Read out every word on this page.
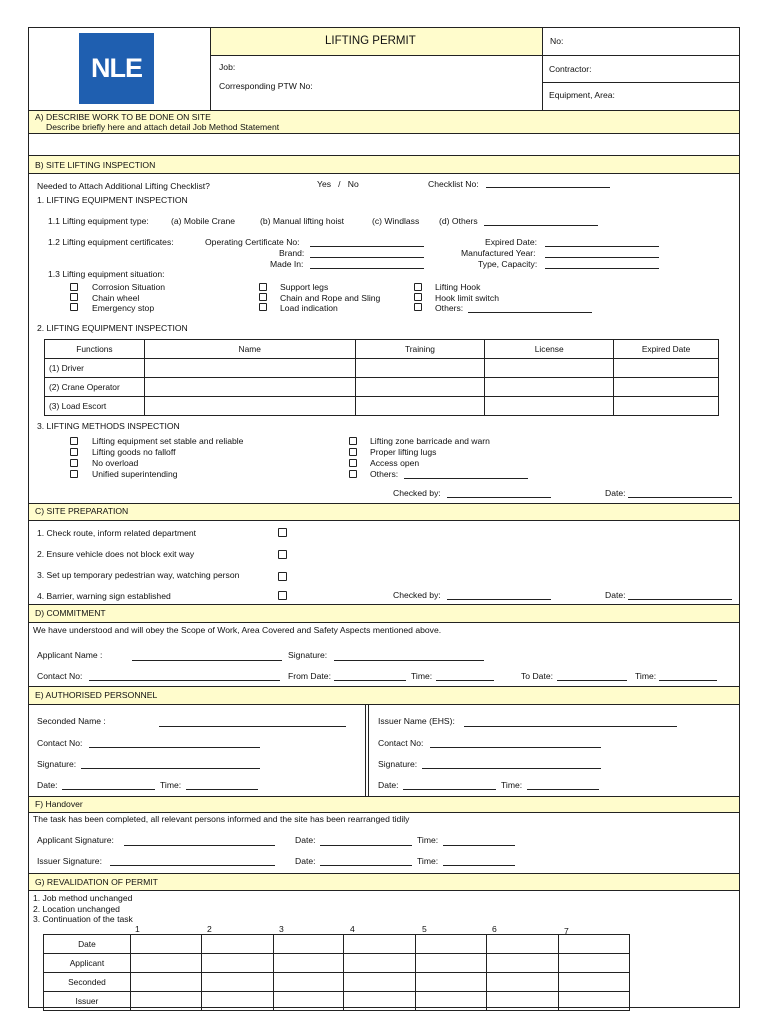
NLE
LIFTING PERMIT	No:
Job:
Corresponding PTW No:
Contractor:
Equipment, Area:
A) DESCRIBE WORK TO BE DONE ON SITE
Describe briefly here and attach detail Job Method Statement
B) SITE LIFTING INSPECTION
Needed to Attach Additional Lifting Checklist?	Yes   /   No	Checklist No:
1. LIFTING EQUIPMENT INSPECTION
1.1 Lifting equipment type:	(a) Mobile Crane	(b) Manual lifting hoist	(c) Windlass (d) Others
1.2 Lifting equipment certificates:	Operating Certificate No:
Brand:
Made In:
Expired Date:
Manufactured Year:
Type, Capacity:
1.3 Lifting equipment situation:
Corrosion Situation
Chain wheel
Emergency stop
Support legs
Chain and Rope and Sling
Load indication
Lifting Hook
Hook limit switch
Others:
2. LIFTING EQUIPMENT INSPECTION
Functions	Name	Training	License	Expired Date
(1) Driver				
(2) Crane Operator				
(3) Load Escort				
3. LIFTING METHODS INSPECTION
Lifting equipment set stable and reliable
Lifting goods no falloff
No overload
Unified superintending
Lifting zone barricade and warn
Proper lifting lugs
Access open
Others:
Checked by:	Date:
C) SITE PREPARATION
1. Check route, inform related department
2. Ensure vehicle does not block exit way
3. Set up temporary pedestrian way, watching person
4. Barrier, warning sign established	Checked by:	Date:
D) COMMITMENT
We have understood and will obey the Scope of Work, Area Covered and Safety Aspects mentioned above.
Applicant Name :	Signature:
Contact No:	From Date:	Time:	To Date:	Time:
E) AUTHORISED PERSONNEL
Seconded Name :
Contact No:
Signature:
Date:	Time:
Issuer Name (EHS):
Contact No:
Signature:
Date:	Time:
F) Handover
The task has been completed, all relevant persons informed and the site has been rearranged tidily
Applicant Signature:	Date:	Time:
Issuer Signature:	Date:	Time:
G) REVALIDATION OF PERMIT
1. Job method unchanged
2. Location unchanged
3. Continuation of the task
1	2	3	4	5	6	7
Date							
Applicant							
Seconded							
Issuer							
